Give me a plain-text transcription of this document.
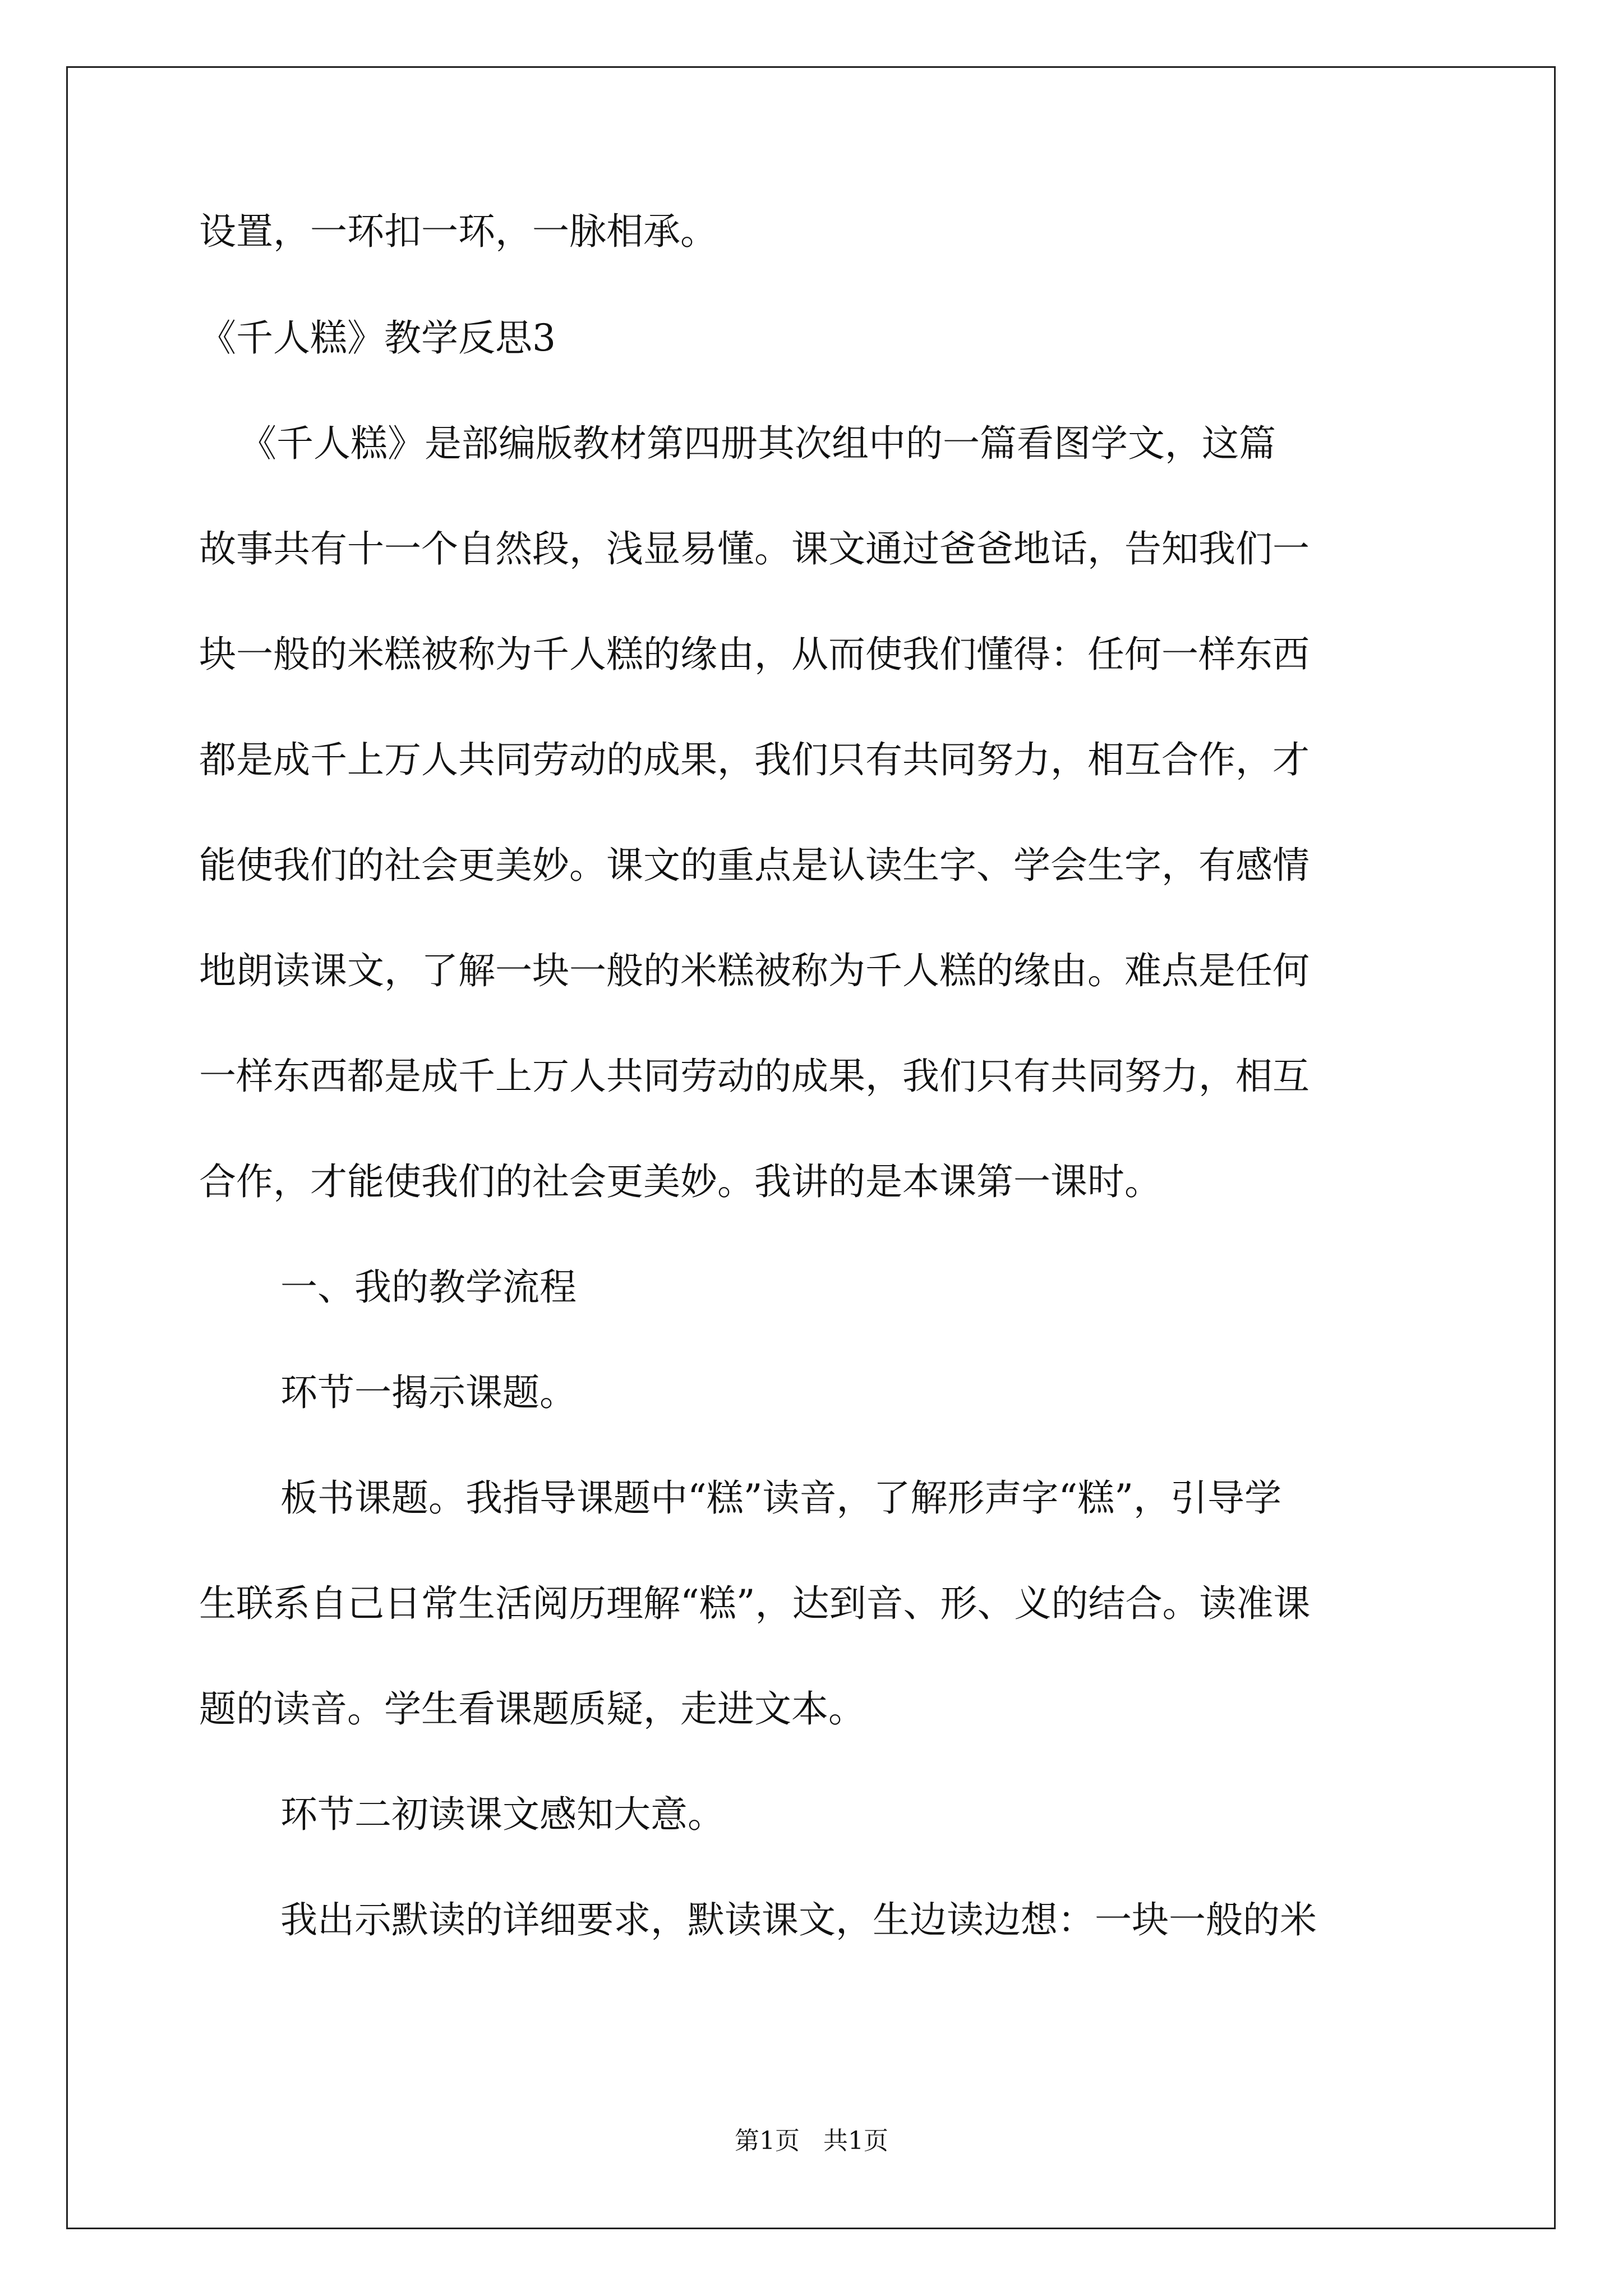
设置，一环扣一环，一脉相承。
《千人糕》教学反思3
《千人糕》是部编版教材第四册其次组中的一篇看图学文，这篇
故事共有十一个自然段，浅显易懂。课文通过爸爸地话，告知我们一
块一般的米糕被称为千人糕的缘由，从而使我们懂得：任何一样东西
都是成千上万人共同劳动的成果，我们只有共同努力，相互合作，才
能使我们的社会更美妙。课文的重点是认读生字、学会生字，有感情
地朗读课文，了解一块一般的米糕被称为千人糕的缘由。难点是任何
一样东西都是成千上万人共同劳动的成果，我们只有共同努力，相互
合作，才能使我们的社会更美妙。我讲的是本课第一课时。
一、我的教学流程
环节一揭示课题。
板书课题。我指导课题中“糕”读音，了解形声字“糕”，引导学
生联系自己日常生活阅历理解“糕”，达到音、形、义的结合。读准课
题的读音。学生看课题质疑，走进文本。
环节二初读课文感知大意。
我出示默读的详细要求，默读课文，生边读边想：一块一般的米
第1页 共1页
